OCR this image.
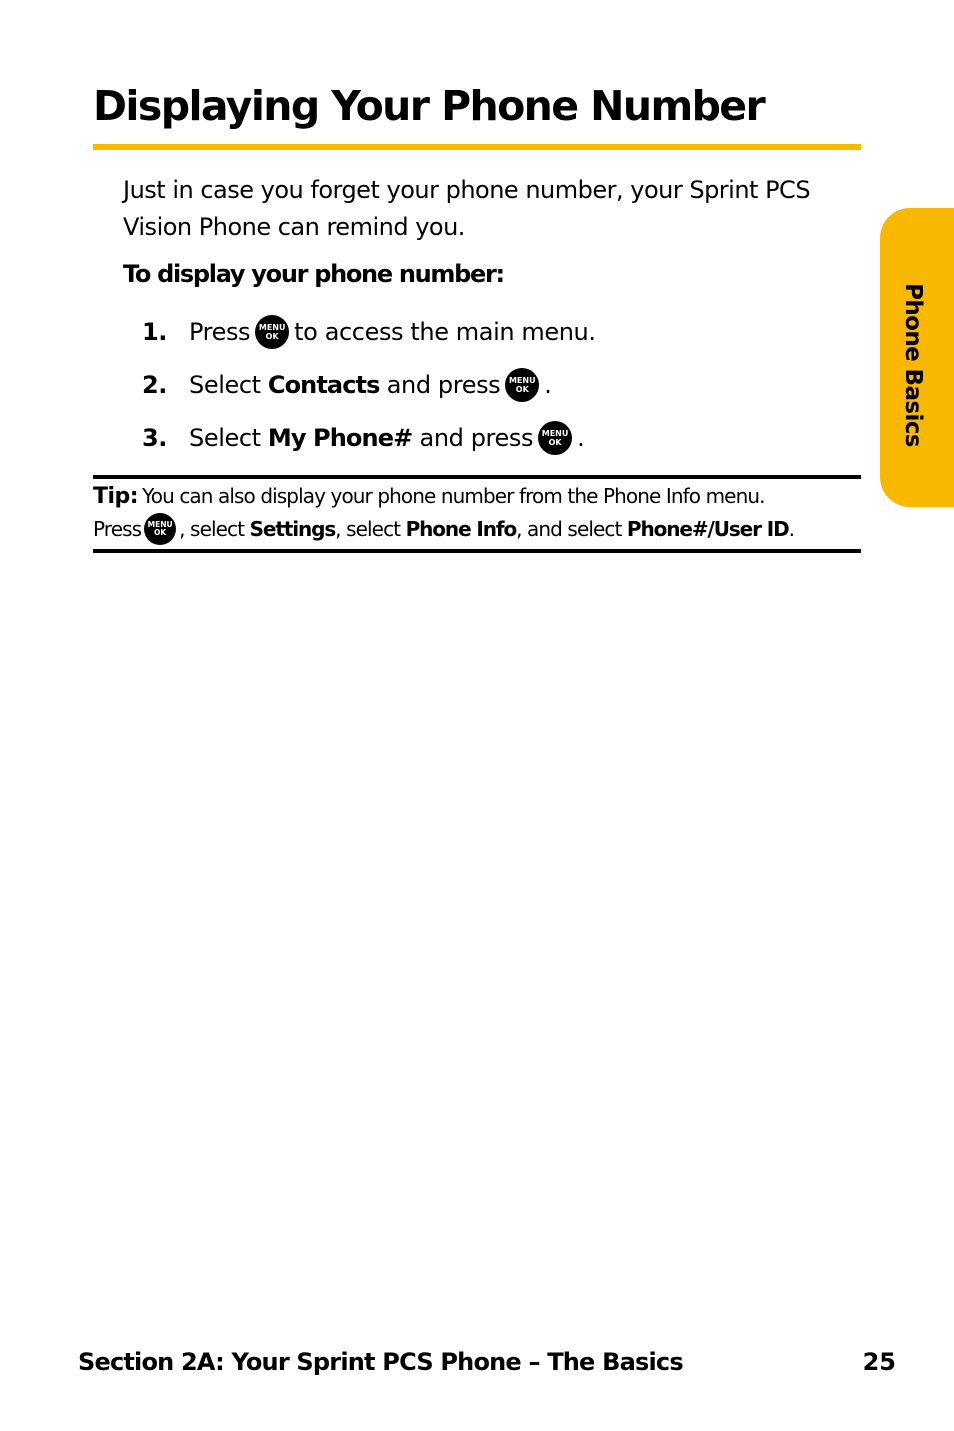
Displaying Your Phone Number

Just in case you forget your phone number, your Sprint PCS Vision Phone can remind you.

To display your phone number:

1. Press MENU
OK to access the main menu.
2. Select
Contacts
and press MENU
OK .
3. Select
My Phone#
and press MENU
OK .
Tip: You can also display your phone number from the Phone Info menu.
Press MENU
OK , select
Settings , select
Phone Info , and select
Phone#/User ID .
Phone Basics
Section 2A: Your Sprint PCS Phone – The Basics	25
